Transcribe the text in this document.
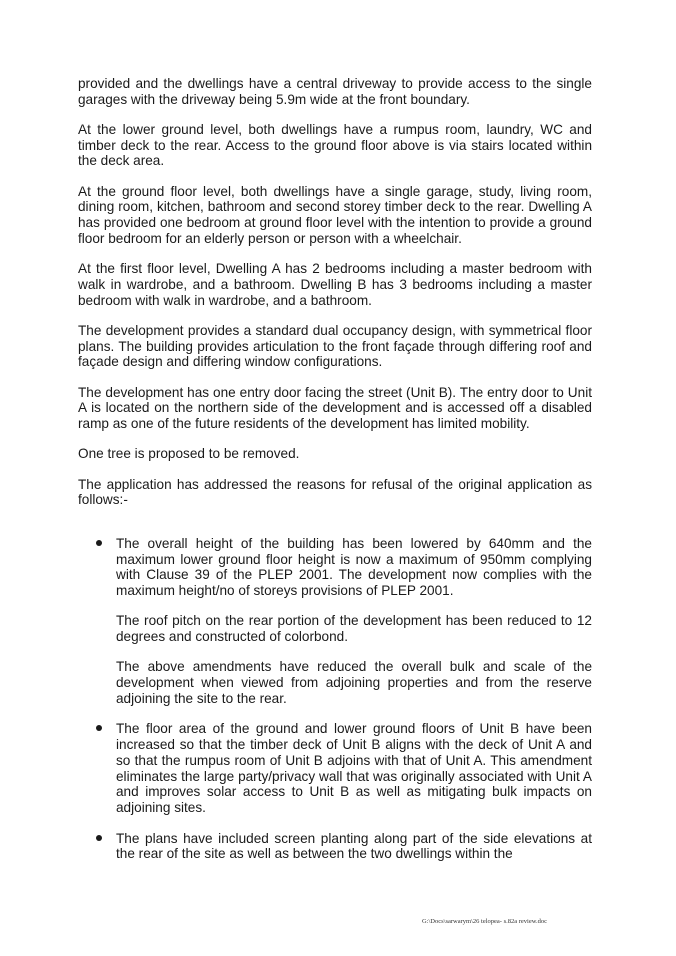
provided and the dwellings have a central driveway to provide access to the single garages with the driveway being 5.9m wide at the front boundary.

At the lower ground level, both dwellings have a rumpus room, laundry, WC and timber deck to the rear. Access to the ground floor above is via stairs located within the deck area.

At the ground floor level, both dwellings have a single garage, study, living room, dining room, kitchen, bathroom and second storey timber deck to the rear. Dwelling A has provided one bedroom at ground floor level with the intention to provide a ground floor bedroom for an elderly person or person with a wheelchair.

At the first floor level, Dwelling A has 2 bedrooms including a master bedroom with walk in wardrobe, and a bathroom. Dwelling B has 3 bedrooms including a master bedroom with walk in wardrobe, and a bathroom.

The development provides a standard dual occupancy design, with symmetrical floor plans. The building provides articulation to the front façade through differing roof and façade design and differing window configurations.

The development has one entry door facing the street (Unit B). The entry door to Unit A is located on the northern side of the development and is accessed off a disabled ramp as one of the future residents of the development has limited mobility.

One tree is proposed to be removed.

The application has addressed the reasons for refusal of the original application as follows:-

The overall height of the building has been lowered by 640mm and the maximum lower ground floor height is now a maximum of 950mm complying with Clause 39 of the PLEP 2001. The development now complies with the maximum height/no of storeys provisions of PLEP 2001.

The roof pitch on the rear portion of the development has been reduced to 12 degrees and constructed of colorbond.

The above amendments have reduced the overall bulk and scale of the development when viewed from adjoining properties and from the reserve adjoining the site to the rear.

The floor area of the ground and lower ground floors of Unit B have been increased so that the timber deck of Unit B aligns with the deck of Unit A and so that the rumpus room of Unit B adjoins with that of Unit A. This amendment eliminates the large party/privacy wall that was originally associated with Unit A and improves solar access to Unit B as well as mitigating bulk impacts on adjoining sites.

The plans have included screen planting along part of the side elevations at the rear of the site as well as between the two dwellings within the

G:\Docs\sarwarym\26 telopea- s.82a review.doc
